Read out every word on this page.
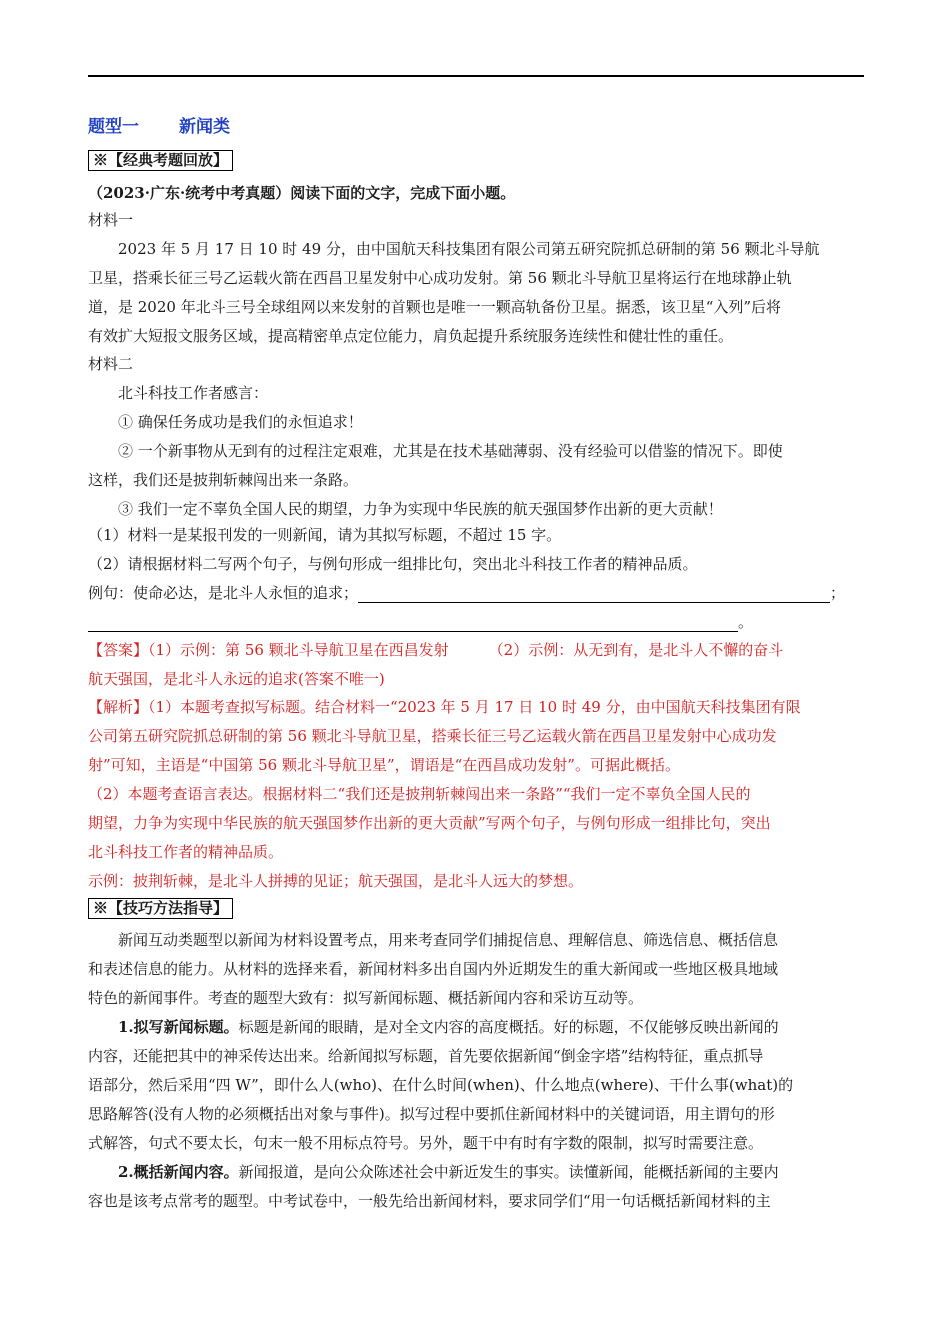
题型一 新闻类
※【经典考题回放】
（2023·广东·统考中考真题）阅读下面的文字，完成下面小题。
材料一
2023 年 5 月 17 日 10 时 49 分，由中国航天科技集团有限公司第五研究院抓总研制的第 56 颗北斗导航
卫星，搭乘长征三号乙运载火箭在西昌卫星发射中心成功发射。第 56 颗北斗导航卫星将运行在地球静止轨
道，是 2020 年北斗三号全球组网以来发射的首颗也是唯一一颗高轨备份卫星。据悉，该卫星“入列”后将
有效扩大短报文服务区域，提高精密单点定位能力，肩负起提升系统服务连续性和健壮性的重任。
材料二
北斗科技工作者感言：
① 确保任务成功是我们的永恒追求！
② 一个新事物从无到有的过程注定艰难，尤其是在技术基础薄弱、没有经验可以借鉴的情况下。即使
这样，我们还是披荆斩棘闯出来一条路。
③ 我们一定不辜负全国人民的期望，力争为实现中华民族的航天强国梦作出新的更大贡献！
（1）材料一是某报刊发的一则新闻，请为其拟写标题，不超过 15 字。
（2）请根据材料二写两个句子，与例句形成一组排比句，突出北斗科技工作者的精神品质。
例句：使命必达，是北斗人永恒的追求；	；
。
【答案】（1）示例：第 56 颗北斗导航卫星在西昌发射	（2）示例：从无到有，是北斗人不懈的奋斗
航天强国，是北斗人永远的追求(答案不唯一)
【解析】（1）本题考查拟写标题。结合材料一“2023 年 5 月 17 日 10 时 49 分，由中国航天科技集团有限
公司第五研究院抓总研制的第 56 颗北斗导航卫星，搭乘长征三号乙运载火箭在西昌卫星发射中心成功发
射”可知，主语是“中国第 56 颗北斗导航卫星”，谓语是“在西昌成功发射”。可据此概括。
（2）本题考查语言表达。根据材料二“我们还是披荆斩棘闯出来一条路”“我们一定不辜负全国人民的
期望，力争为实现中华民族的航天强国梦作出新的更大贡献”写两个句子，与例句形成一组排比句，突出
北斗科技工作者的精神品质。
示例：披荆斩棘，是北斗人拼搏的见证；航天强国，是北斗人远大的梦想。
※【技巧方法指导】
新闻互动类题型以新闻为材料设置考点，用来考查同学们捕捉信息、理解信息、筛选信息、概括信息
和表述信息的能力。从材料的选择来看，新闻材料多出自国内外近期发生的重大新闻或一些地区极具地域
特色的新闻事件。考查的题型大致有：拟写新闻标题、概括新闻内容和采访互动等。
1.拟写新闻标题。标题是新闻的眼睛，是对全文内容的高度概括。好的标题，不仅能够反映出新闻的
内容，还能把其中的神采传达出来。给新闻拟写标题，首先要依据新闻“倒金字塔”结构特征，重点抓导
语部分，然后采用“四 W”，即什么人(who)、在什么时间(when)、什么地点(where)、干什么事(what)的
思路解答(没有人物的必须概括出对象与事件)。拟写过程中要抓住新闻材料中的关键词语，用主谓句的形
式解答，句式不要太长，句末一般不用标点符号。另外，题干中有时有字数的限制，拟写时需要注意。
2.概括新闻内容。新闻报道，是向公众陈述社会中新近发生的事实。读懂新闻，能概括新闻的主要内
容也是该考点常考的题型。中考试卷中，一般先给出新闻材料，要求同学们“用一句话概括新闻材料的主
